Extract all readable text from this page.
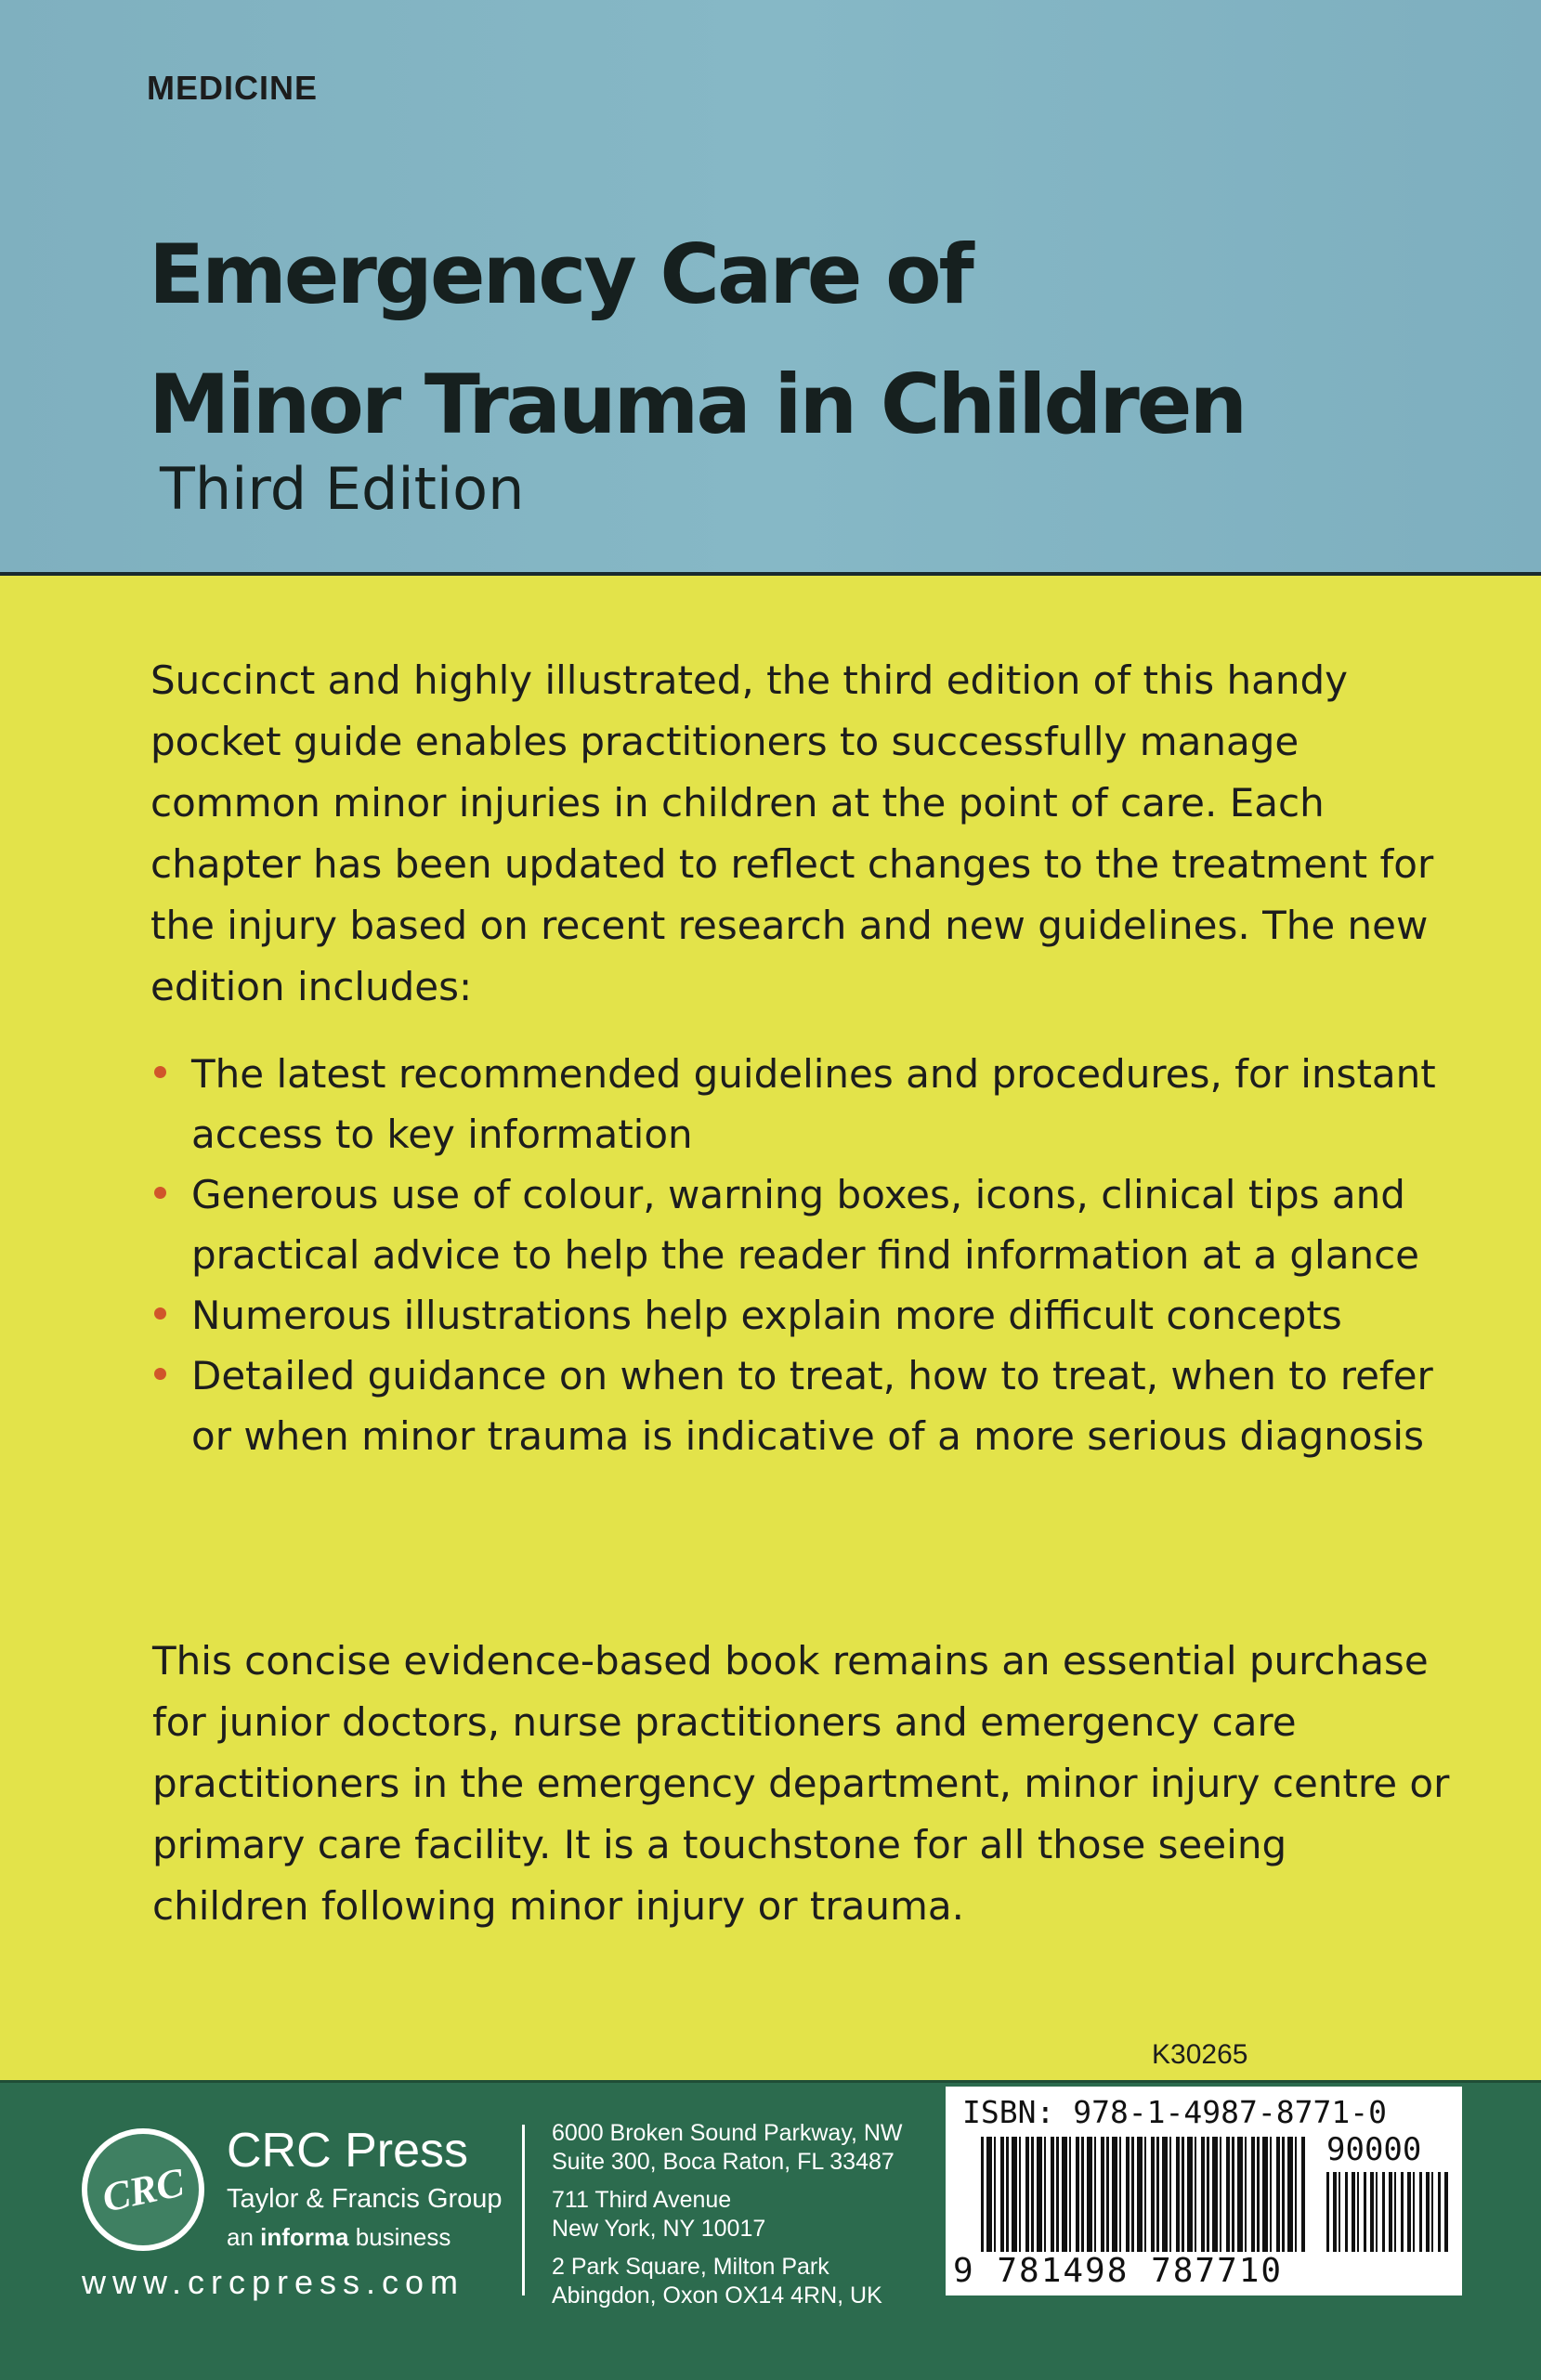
MEDICINE
Emergency Care of
Minor Trauma in Children
Third Edition

Succinct and highly illustrated, the third edition of this handy pocket guide enables practitioners to successfully manage common minor injuries in children at the point of care. Each chapter has been updated to reflect changes to the treatment for the injury based on recent research and new guidelines. The new edition includes:

The latest recommended guidelines and procedures, for instant access to key information
Generous use of colour, warning boxes, icons, clinical tips and practical advice to help the reader find information at a glance
Numerous illustrations help explain more difficult concepts
Detailed guidance on when to treat, how to treat, when to refer or when minor trauma is indicative of a more serious diagnosis

This concise evidence-based book remains an essential purchase for junior doctors, nurse practitioners and emergency care practitioners in the emergency department, minor injury centre or primary care facility. It is a touchstone for all those seeing children following minor injury or trauma.

K30265
CRC
CRC Press
Taylor & Francis Group
an informa business
www.crcpress.com
6000 Broken Sound Parkway, NW
Suite 300, Boca Raton, FL 33487
711 Third Avenue
New York, NY 10017
2 Park Square, Milton Park
Abingdon, Oxon OX14 4RN, UK
ISBN: 978-1-4987-8771-0
90000
9 781498 787710
